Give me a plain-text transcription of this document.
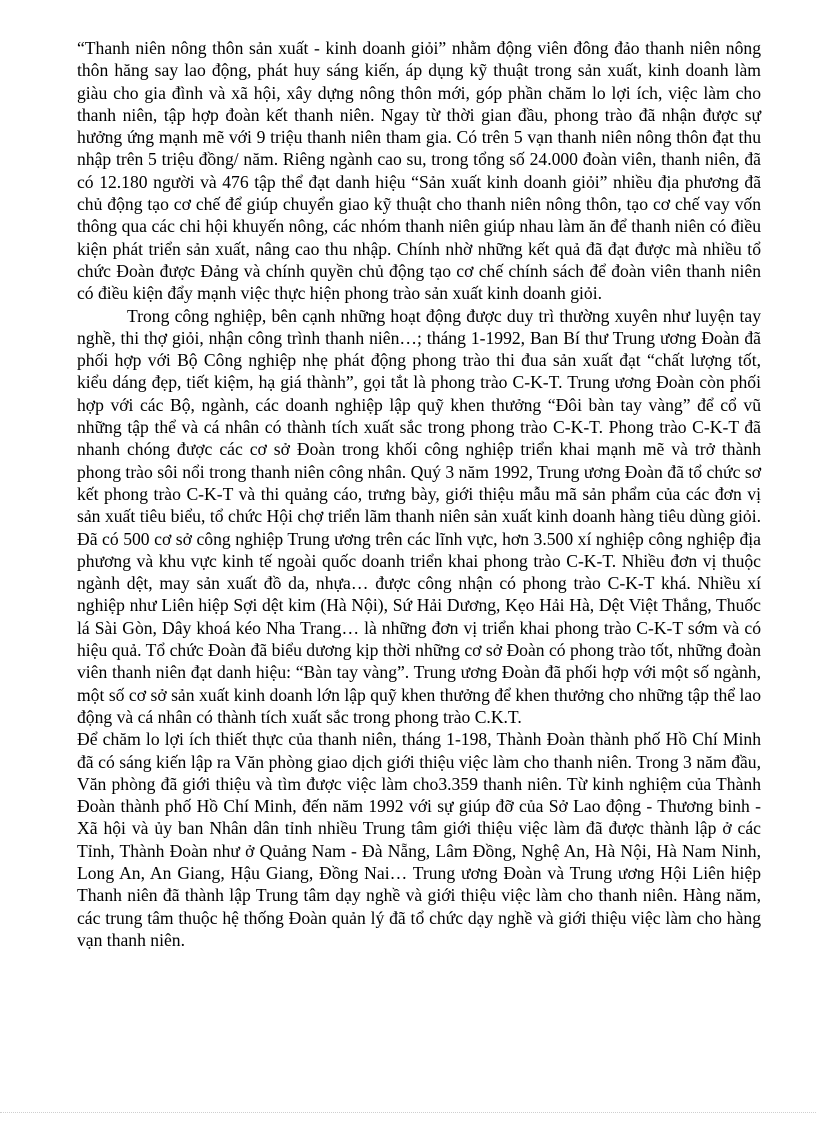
“Thanh niên nông thôn sản xuất - kinh doanh giỏi” nhằm động viên đông đảo thanh niên nông thôn hăng say lao động, phát huy sáng kiến, áp dụng kỹ thuật trong sản xuất, kinh doanh làm giàu cho gia đình và xã hội, xây dựng nông thôn mới, góp phần chăm lo lợi ích, việc làm cho thanh niên, tập hợp đoàn kết thanh niên. Ngay từ thời gian đầu, phong trào đã nhận được sự hưởng ứng mạnh mẽ với 9 triệu thanh niên tham gia. Có trên 5 vạn thanh niên nông thôn đạt thu nhập trên 5 triệu đồng/ năm. Riêng ngành cao su, trong tổng số 24.000 đoàn viên, thanh niên, đã có 12.180 người và 476 tập thể đạt danh hiệu “Sản xuất kinh doanh giỏi” nhiều địa phương đã chủ động tạo cơ chế để giúp chuyển giao kỹ thuật cho thanh niên nông thôn, tạo cơ chế vay vốn thông qua các chi hội khuyến nông, các nhóm thanh niên giúp nhau làm ăn để thanh niên có điều kiện phát triển sản xuất, nâng cao thu nhập. Chính nhờ những kết quả đã đạt được mà nhiều tổ chức Đoàn được Đảng và chính quyền chủ động tạo cơ chế chính sách để đoàn viên thanh niên có điều kiện đẩy mạnh việc thực hiện phong trào sản xuất kinh doanh giỏi.

Trong công nghiệp, bên cạnh những hoạt động được duy trì thường xuyên như luyện tay nghề, thi thợ giỏi, nhận công trình thanh niên…; tháng 1-1992, Ban Bí thư Trung ương Đoàn đã phối hợp với Bộ Công nghiệp nhẹ phát động phong trào thi đua sản xuất đạt “chất lượng tốt, kiểu dáng đẹp, tiết kiệm, hạ giá thành”, gọi tắt là phong trào C-K-T. Trung ương Đoàn còn phối hợp với các Bộ, ngành, các doanh nghiệp lập quỹ khen thưởng “Đôi bàn tay vàng” để cổ vũ những tập thể và cá nhân có thành tích xuất sắc trong phong trào C-K-T. Phong trào C-K-T đã nhanh chóng được các cơ sở Đoàn trong khối công nghiệp triển khai mạnh mẽ và trở thành phong trào sôi nổi trong thanh niên công nhân. Quý 3 năm 1992, Trung ương Đoàn đã tổ chức sơ kết phong trào C-K-T và thi quảng cáo, trưng bày, giới thiệu mẫu mã sản phẩm của các đơn vị sản xuất tiêu biểu, tổ chức Hội chợ triển lãm thanh niên sản xuất kinh doanh hàng tiêu dùng giỏi. Đã có 500 cơ sở công nghiệp Trung ương trên các lĩnh vực, hơn 3.500 xí nghiệp công nghiệp địa phương và khu vực kinh tế ngoài quốc doanh triển khai phong trào C-K-T. Nhiều đơn vị thuộc ngành dệt, may sản xuất đồ da, nhựa… được công nhận có phong trào C-K-T khá. Nhiều xí nghiệp như Liên hiệp Sợi dệt kim (Hà Nội), Sứ Hải Dương, Kẹo Hải Hà, Dệt Việt Thắng, Thuốc lá Sài Gòn, Dây khoá kéo Nha Trang… là những đơn vị triển khai phong trào C-K-T sớm và có hiệu quả. Tổ chức Đoàn đã biểu dương kịp thời những cơ sở Đoàn có phong trào tốt, những đoàn viên thanh niên đạt danh hiệu: “Bàn tay vàng”. Trung ương Đoàn đã phối hợp với một số ngành, một số cơ sở sản xuất kinh doanh lớn lập quỹ khen thưởng để khen thưởng cho những tập thể lao động và cá nhân có thành tích xuất sắc trong phong trào C.K.T.

Để chăm lo lợi ích thiết thực của thanh niên, tháng 1-198, Thành Đoàn thành phố Hồ Chí Minh đã có sáng kiến lập ra Văn phòng giao dịch giới thiệu việc làm cho thanh niên. Trong 3 năm đầu, Văn phòng đã giới thiệu và tìm được việc làm cho3.359 thanh niên. Từ kinh nghiệm của Thành Đoàn thành phố Hồ Chí Minh, đến năm 1992 với sự giúp đỡ của Sở Lao động - Thương binh - Xã hội và ủy ban Nhân dân tỉnh nhiều Trung tâm giới thiệu việc làm đã được thành lập ở các Tỉnh, Thành Đoàn như ở Quảng Nam - Đà Nẵng, Lâm Đồng, Nghệ An, Hà Nội, Hà Nam Ninh, Long An, An Giang, Hậu Giang, Đồng Nai… Trung ương Đoàn và Trung ương Hội Liên hiệp Thanh niên đã thành lập Trung tâm dạy nghề và giới thiệu việc làm cho thanh niên. Hàng năm, các trung tâm thuộc hệ thống Đoàn quản lý đã tổ chức dạy nghề và giới thiệu việc làm cho hàng vạn thanh niên.
